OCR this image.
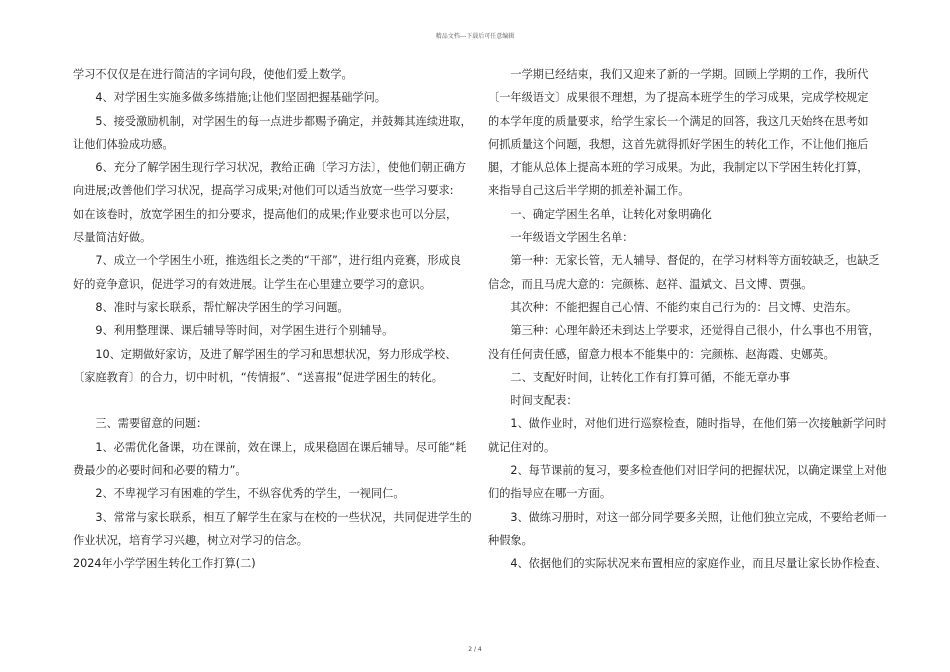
精品文档---下载后可任意编辑

学习不仅仅是在进行简洁的字词句段，使他们爱上数学。

　　4、对学困生实施多做多练措施;让他们坚固把握基础学问。

　　5、接受激励机制，对学困生的每一点进步都赐予确定，并鼓舞其连续进取，

让他们体验成功感。

　　6、充分了解学困生现行学习状况，教给正确〔学习方法〕，使他们朝正确方

向进展;改善他们学习状况，提高学习成果;对他们可以适当放宽一些学习要求:

如在该卷时，放宽学困生的扣分要求，提高他们的成果;作业要求也可以分层，

尽量简洁好做。

　　7、成立一个学困生小班，推选组长之类的“干部”，进行组内竞赛，形成良

好的竞争意识，促进学习的有效进展。让学生在心里建立要学习的意识。

　　8、准时与家长联系，帮忙解决学困生的学习问题。

　　9、利用整理课、课后辅导等时间，对学困生进行个别辅导。

　　10、定期做好家访，及进了解学困生的学习和思想状况，努力形成学校、

〔家庭教育〕的合力，切中时机，“传情报”、“送喜报”促进学困生的转化。

　　三、需要留意的问题：

　　1、必需优化备课，功在课前，效在课上，成果稳固在课后辅导。尽可能“耗

费最少的必要时间和必要的精力”。

　　2、不卑视学习有困难的学生，不纵容优秀的学生，一视同仁。

　　3、常常与家长联系，相互了解学生在家与在校的一些状况，共同促进学生的

作业状况，培育学习兴趣，树立对学习的信念。

2024年小学学困生转化工作打算(二)

　　一学期已经结束，我们又迎来了新的一学期。回顾上学期的工作，我所代

〔一年级语文〕成果很不理想，为了提高本班学生的学习成果，完成学校规定

的本学年度的质量要求，给学生家长一个满足的回答，我这几天始终在思考如

何抓质量这个问题，我想，这首先就得抓好学困生的转化工作，不让他们拖后

腿，才能从总体上提高本班的学习成果。为此，我制定以下学困生转化打算，

来指导自己这后半学期的抓差补漏工作。

　　一、确定学困生名单，让转化对象明确化

　　一年级语文学困生名单：

　　第一种：无家长管，无人辅导、督促的，在学习材料等方面较缺乏，也缺乏

信念，而且马虎大意的：完颜栋、赵祥、温斌文、吕文博、贾强。

　　其次种：不能把握自己心情、不能约束自己行为的：吕文博、史浩东。

　　第三种：心理年龄还未到达上学要求，还觉得自己很小，什么事也不用管，

没有任何责任感，留意力根本不能集中的：完颜栋、赵海霞、史娜英。

　　二、支配好时间，让转化工作有打算可循，不能无章办事

　　时间支配表：

　　1、做作业时，对他们进行巡察检查，随时指导，在他们第一次接触新学问时

就记住对的。

　　2、每节课前的复习，要多检查他们对旧学问的把握状况，以确定课堂上对他

们的指导应在哪一方面。

　　3、做练习册时，对这一部分同学要多关照，让他们独立完成，不要给老师一

种假象。

　　4、依据他们的实际状况来布置相应的家庭作业，而且尽量让家长协作检查、

2 / 4
